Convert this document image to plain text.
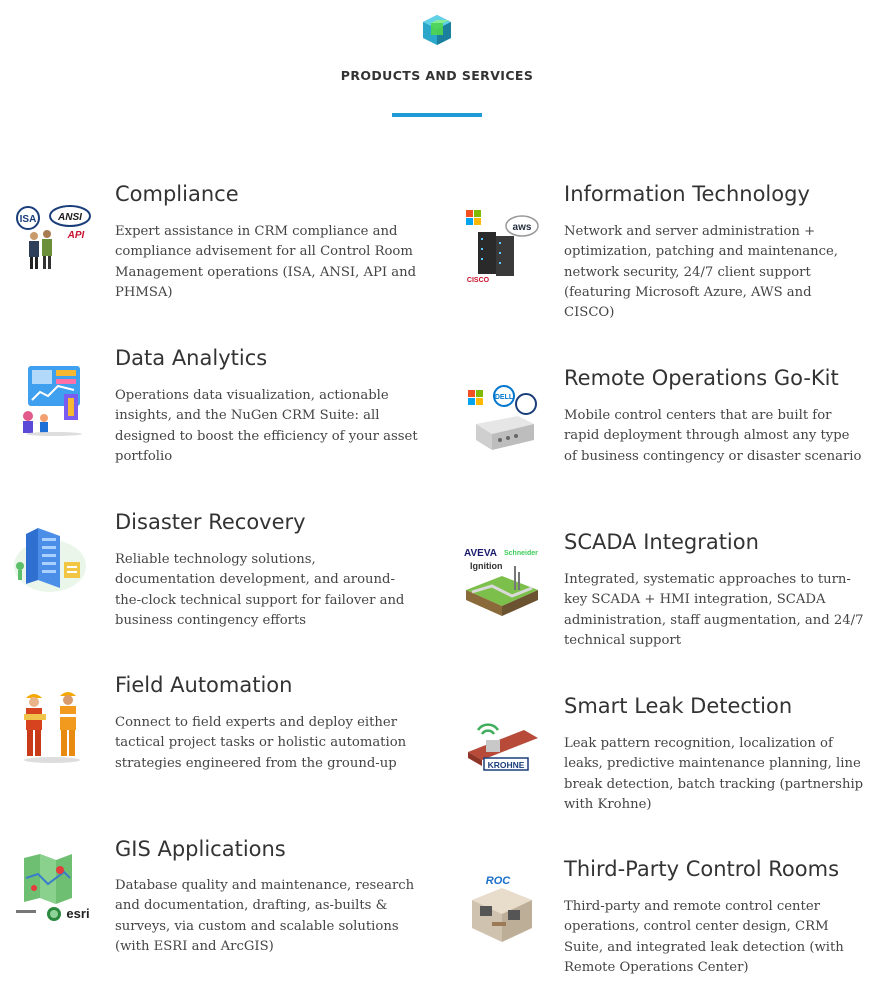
PRODUCTS AND SERVICES
ISA ANSI
API
Compliance
Expert assistance in CRM compliance and compliance advisement for all Control Room Management operations (ISA, ANSI, API and PHMSA)
Data Analytics
Operations data visualization, actionable insights, and the NuGen CRM Suite: all designed to boost the efficiency of your asset portfolio
Disaster Recovery
Reliable technology solutions, documentation development, and around-the-clock technical support for failover and business contingency efforts
Field Automation
Connect to field experts and deploy either tactical project tasks or holistic automation strategies engineered from the ground-up
esri
GIS Applications
Database quality and maintenance, research and documentation, drafting, as-builts & surveys, via custom and scalable solutions (with ESRI and ArcGIS)
aws
CISCO
Information Technology
Network and server administration + optimization, patching and maintenance, network security, 24/7 client support (featuring Microsoft Azure, AWS and CISCO)
DELL
Remote Operations Go-Kit
Mobile control centers that are built for rapid deployment through almost any type of business contingency or disaster scenario
AVEVA Schneider
Ignition
SCADA Integration
Integrated, systematic approaches to turn-key SCADA + HMI integration, SCADA administration, staff augmentation, and 24/7 technical support
KROHNE
Smart Leak Detection
Leak pattern recognition, localization of leaks, predictive maintenance planning, line break detection, batch tracking (partnership with Krohne)
ROC	Third-Party Control Rooms
Third-party and remote control center operations, control center design, CRM Suite, and integrated leak detection (with Remote Operations Center)
